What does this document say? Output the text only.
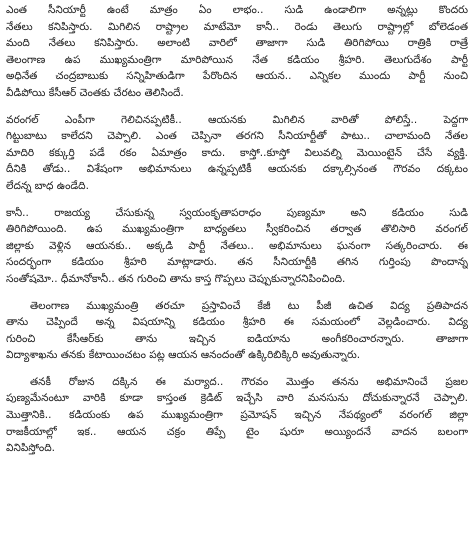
ఎంత సీనియార్టీ ఉంటే మాత్రం ఏం లాభం.. సుడి ఉండాలిగా అన్నట్లు కొందరు
నేతలు కనిపిస్తారు. మిగిలిన రాష్ట్రాల మాటేమో కానీ.. రెండు తెలుగు రాష్ట్రాల్లో బోలెడంత
మంది నేతలు కనిపిస్తారు. అలాంటి వారిలో తాజాగా సుడి తిరిగిపోయి రాత్రికి రాత్రే
తెలంగాణ ఉప ముఖ్యమంత్రిగా మారిపోయిన నేత కడియం శ్రీహరి. తెలుగుదేశం పార్టీ
అధినేత చంద్రబాబుకు సన్నిహితుడిగా పేరొందిన ఆయన.. ఎన్నికల ముందు పార్టీ నుంచి
వీడిపోయి కేసీఆర్ చెంతకు చేరటం తెలిసిందే.
వరంగల్ ఎంపీగా గెలిచినప్పటికీ.. ఆయనకు మిగిలిన వారితో పోలిస్తే.. పెద్దగా
గిట్టుబాటు కాలేదని చెప్పాలి. ఎంత చెప్పినా తరగని సీనియార్టీతో పాటు.. చాలామంది నేతల
మాదిరి కక్కుర్తి పడే రకం ఏమాత్రం కాదు. కాస్తో..కూస్తో విలువల్ని మెయింటైన్ చేసే వ్యక్తి.
దీనికి తోడు.. విశేషంగా అభిమానులు ఉన్నప్పటికీ ఆయనకు దక్కాల్సినంత గౌరవం దక్కటం
లేదన్న బాధ ఉండేది.
కానీ.. రాజయ్య చేసుకున్న స్వయంకృతాపరాధం పుణ్యమా అని కడియం సుడి
తిరిగిపోయింది. ఉప ముఖ్యమంత్రిగా బాధ్యతలు స్వీకరించిన తర్వాత తొలిసారి వరంగల్
జిల్లాకు వెళ్లిన ఆయనకు.. అక్కడి పార్టీ నేతలు.. అభిమానులు ఘనంగా సత్కరించారు. ఈ
సందర్భంగా కడియం శ్రీహరి మాట్లాడారు. తన సీనియార్టీకి తగిన గుర్తింపు పొందాన్న
సంతోషమో.. ధీమానోకానీ.. తన గురించి తాను కాస్త గొప్పలు చెప్పుకున్నారనిపించింది.
తెలంగాణ ముఖ్యమంత్రి తరచూ ప్రస్తావించే కేజీ టు పీజీ ఉచిత విద్య ప్రతిపాదన
తాను చెప్పిందే అన్న విషయాన్ని కడియం శ్రీహరి ఈ సమయంలో వెల్లడించారు. విద్య
గురించి కేసీఆర్‌కు తాను ఇచ్చిన ఐడియాను అంగీకరించారన్నారు. తాజాగా
విద్యాశాఖను తనకు కేటాయించటం పట్ల ఆయన ఆనందంతో ఉక్కిరిబిక్కిరి అవుతున్నారు.
తనకీ రోజున దక్కిన ఈ మర్యాద.. గౌరవం మొత్తం తనను అభిమానించే ప్రజల
పుణ్యమేనంటూ వారికి కూడా కాస్తంత క్రెడిట్ ఇచ్చేసి వారి మనసును దోచుకున్నారనే చెప్పాలి.
మొత్తానికి.. కడియంకు ఉప ముఖ్యమంత్రిగా ప్రమోషన్ ఇచ్చిన నేపథ్యంలో వరంగల్ జిల్లా
రాజకీయాల్లో ఇక.. ఆయన చక్రం తిప్పే టైం షురూ అయ్యిందనే వాదన బలంగా
వినిపిస్తోంది.
